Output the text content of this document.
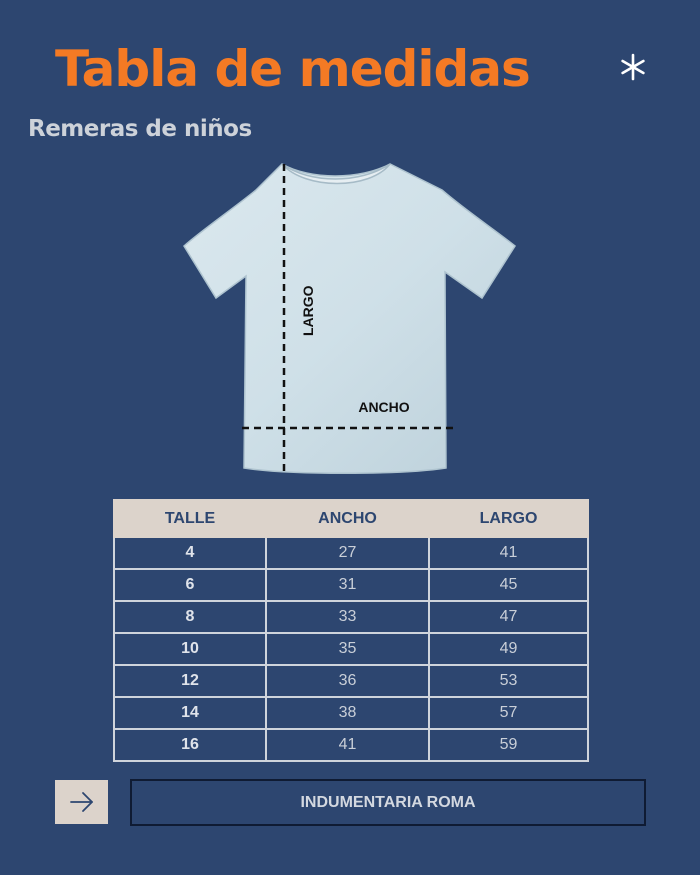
Tabla de medidas
Remeras de niños
LARGO
ANCHO
TALLE	ANCHO	LARGO
4	27	41
6	31	45
8	33	47
10	35	49
12	36	53
14	38	57
16	41	59
INDUMENTARIA ROMA
